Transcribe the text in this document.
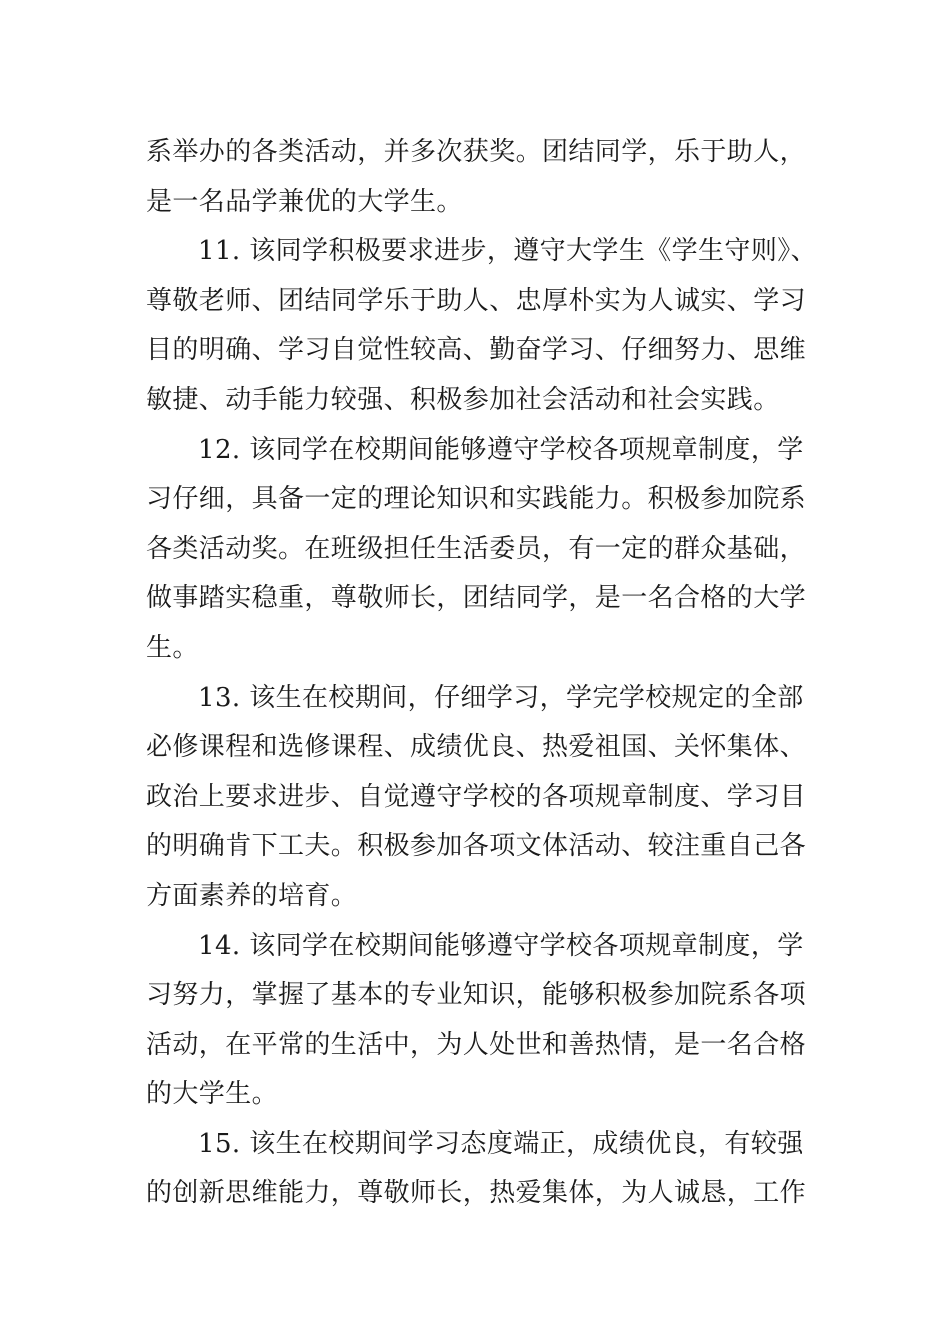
系举办的各类活动，并多次获奖。团结同学，乐于助人，
是一名品学兼优的大学生。
11. 该同学积极要求进步，遵守大学生《学生守则》、
尊敬老师、团结同学乐于助人、忠厚朴实为人诚实、学习
目的明确、学习自觉性较高、勤奋学习、仔细努力、思维
敏捷、动手能力较强、积极参加社会活动和社会实践。
12. 该同学在校期间能够遵守学校各项规章制度，学
习仔细，具备一定的理论知识和实践能力。积极参加院系
各类活动奖。在班级担任生活委员，有一定的群众基础，
做事踏实稳重，尊敬师长，团结同学，是一名合格的大学
生。
13. 该生在校期间，仔细学习，学完学校规定的全部
必修课程和选修课程、成绩优良、热爱祖国、关怀集体、
政治上要求进步、自觉遵守学校的各项规章制度、学习目
的明确肯下工夫。积极参加各项文体活动、较注重自己各
方面素养的培育。
14. 该同学在校期间能够遵守学校各项规章制度，学
习努力，掌握了基本的专业知识，能够积极参加院系各项
活动，在平常的生活中，为人处世和善热情，是一名合格
的大学生。
15. 该生在校期间学习态度端正，成绩优良，有较强
的创新思维能力，尊敬师长，热爱集体，为人诚恳，工作
